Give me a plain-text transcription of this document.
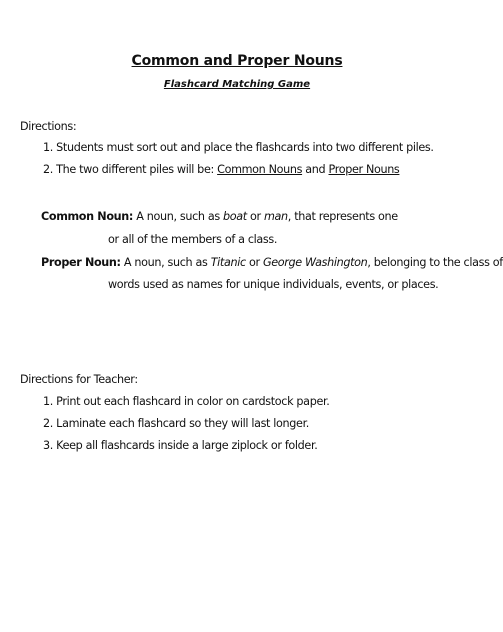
Common and Proper Nouns
Flashcard Matching Game
Directions:
1. Students must sort out and place the flashcards into two different piles.
2. The two different piles will be: Common Nouns and Proper Nouns
Common Noun: A noun, such as boat or man, that represents one
or all of the members of a class.
Proper Noun: A noun, such as Titanic or George Washington, belonging to the class of
words used as names for unique individuals, events, or places.
Directions for Teacher:
1. Print out each flashcard in color on cardstock paper.
2. Laminate each flashcard so they will last longer.
3. Keep all flashcards inside a large ziplock or folder.
